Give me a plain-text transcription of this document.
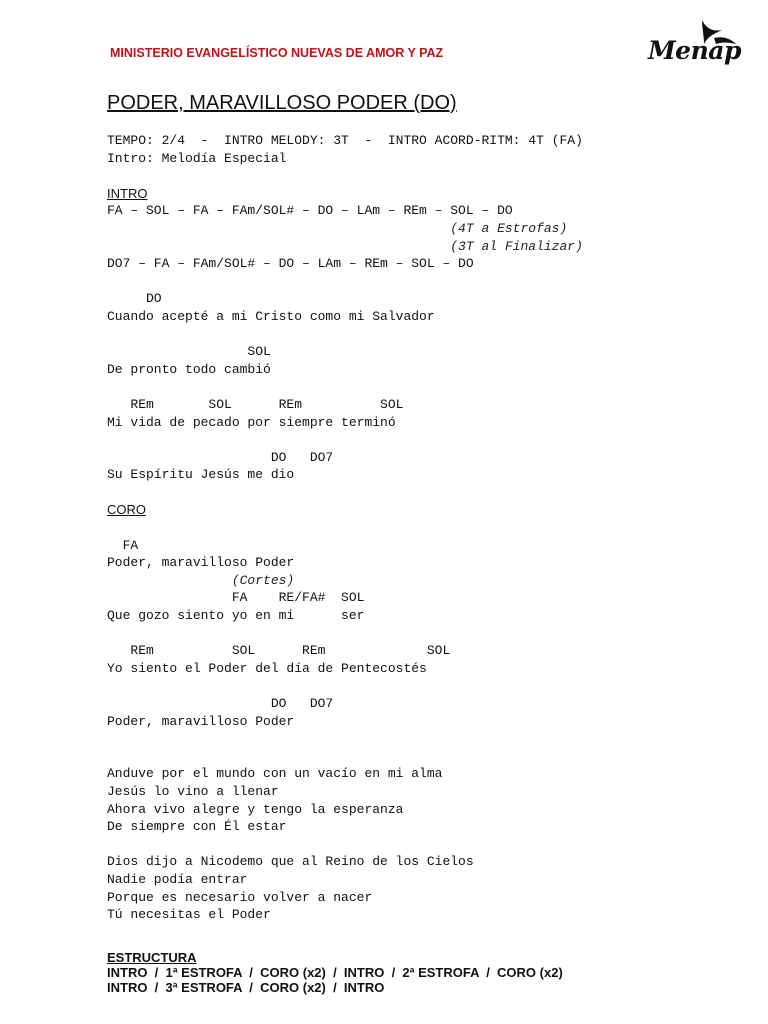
MINISTERIO EVANGELÍSTICO NUEVAS DE AMOR Y PAZ	Menap
PODER, MARAVILLOSO PODER (DO)
TEMPO: 2/4  -  INTRO MELODY: 3T  -  INTRO ACORD-RITM: 4T (FA)
Intro: Melodía Especial
INTRO
FA – SOL – FA – FAm/SOL# – DO – LAm – REm – SOL – DO
(4T a Estrofas)
(3T al Finalizar)
DO7 – FA – FAm/SOL# – DO – LAm – REm – SOL – DO
DO
Cuando acepté a mi Cristo como mi Salvador
SOL
De pronto todo cambió
REm       SOL      REm          SOL
Mi vida de pecado por siempre terminó
DO   DO7
Su Espíritu Jesús me dio
CORO
FA
Poder, maravilloso Poder
(Cortes)
FA    RE/FA#  SOL
Que gozo siento yo en mi      ser
REm          SOL      REm             SOL
Yo siento el Poder del día de Pentecostés
DO   DO7
Poder, maravilloso Poder
Anduve por el mundo con un vacío en mi alma
Jesús lo vino a llenar
Ahora vivo alegre y tengo la esperanza
De siempre con Él estar
Dios dijo a Nicodemo que al Reino de los Cielos
Nadie podía entrar
Porque es necesario volver a nacer
Tú necesitas el Poder
ESTRUCTURA
INTRO  /  1ª ESTROFA  /  CORO (x2)  /  INTRO  /  2ª ESTROFA  /  CORO (x2)
INTRO  /  3ª ESTROFA  /  CORO (x2)  /  INTRO
